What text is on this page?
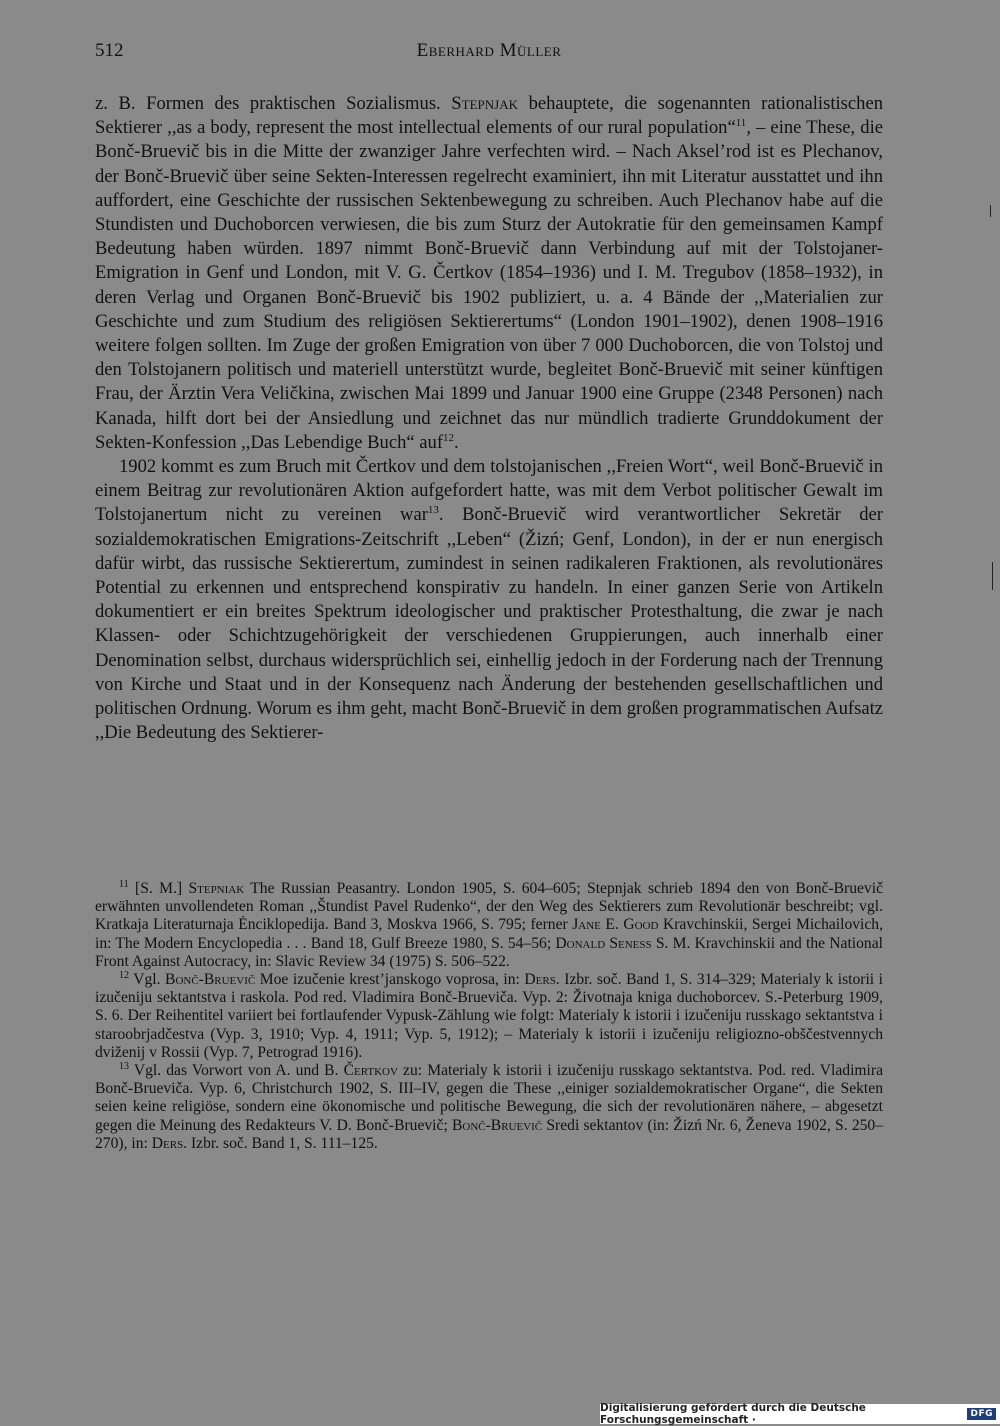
512	Eberhard Müller

z. B. Formen des praktischen Sozialismus. Stepnjak behauptete, die sogenannten rationalistischen Sektierer ,,as a body, represent the most intellectual elements of our rural population“$^{11}$, – eine These, die Bonč-Bruevič bis in die Mitte der zwanziger Jahre verfechten wird. – Nach Aksel’rod ist es Plechanov, der Bonč-Bruevič über seine Sekten-Interessen regelrecht examiniert, ihn mit Literatur ausstattet und ihn auffordert, eine Geschichte der russischen Sektenbewegung zu schreiben. Auch Plechanov habe auf die Stundisten und Duchoborcen verwiesen, die bis zum Sturz der Autokratie für den gemeinsamen Kampf Bedeutung haben würden. 1897 nimmt Bonč-Bruevič dann Verbindung auf mit der Tolstojaner-Emigration in Genf und London, mit V. G. Čertkov (1854–1936) und I. M. Tregubov (1858–1932), in deren Verlag und Organen Bonč-Bruevič bis 1902 publiziert, u. a. 4 Bände der ,,Materialien zur Geschichte und zum Studium des religiösen Sektierertums“ (London 1901–1902), denen 1908–1916 weitere folgen sollten. Im Zuge der großen Emigration von über 7 000 Duchoborcen, die von Tolstoj und den Tolstojanern politisch und materiell unterstützt wurde, begleitet Bonč-Bruevič mit seiner künftigen Frau, der Ärztin Vera Veličkina, zwischen Mai 1899 und Januar 1900 eine Gruppe (2348 Personen) nach Kanada, hilft dort bei der Ansiedlung und zeichnet das nur mündlich tradierte Grunddokument der Sekten-Konfession ,,Das Lebendige Buch“ auf$^{12}$.

1902 kommt es zum Bruch mit Čertkov und dem tolstojanischen ,,Freien Wort“, weil Bonč-Bruevič in einem Beitrag zur revolutionären Aktion aufgefordert hatte, was mit dem Verbot politischer Gewalt im Tolstojanertum nicht zu vereinen war$^{13}$. Bonč-Bruevič wird verantwortlicher Sekretär der sozialdemokratischen Emigrations-Zeitschrift ,,Leben“ (Žizń; Genf, London), in der er nun energisch dafür wirbt, das russische Sektierertum, zumindest in seinen radikaleren Fraktionen, als revolutionäres Potential zu erkennen und entsprechend konspirativ zu handeln. In einer ganzen Serie von Artikeln dokumentiert er ein breites Spektrum ideologischer und praktischer Protesthaltung, die zwar je nach Klassen- oder Schichtzugehörigkeit der verschiedenen Gruppierungen, auch innerhalb einer Denomination selbst, durchaus widersprüchlich sei, einhellig jedoch in der Forderung nach der Trennung von Kirche und Staat und in der Konsequenz nach Änderung der bestehenden gesellschaftlichen und politischen Ordnung. Worum es ihm geht, macht Bonč-Bruevič in dem großen programmatischen Aufsatz ,,Die Bedeutung des Sektierer-

$^{11}$ [S. M.] Stepniak The Russian Peasantry. London 1905, S. 604–605; Stepnjak schrieb 1894 den von Bonč-Bruevič erwähnten unvollendeten Roman ,,Štundist Pavel Rudenko“, der den Weg des Sektierers zum Revolutionär beschreibt; vgl. Kratkaja Literaturnaja Ėnciklopedija. Band 3, Moskva 1966, S. 795; ferner Jane E. Good Kravchinskii, Sergei Michailovich, in: The Modern Encyclopedia . . . Band 18, Gulf Breeze 1980, S. 54–56; Donald Seness S. M. Kravchinskii and the National Front Against Autocracy, in: Slavic Review 34 (1975) S. 506–522.

$^{12}$ Vgl. Bonč-Bruevič Moe izučenie krest’janskogo voprosa, in: Ders. Izbr. soč. Band 1, S. 314–329; Materialy k istorii i izučeniju sektantstva i raskola. Pod red. Vladimira Bonč-Brueviča. Vyp. 2: Životnaja kniga duchoborcev. S.-Peterburg 1909, S. 6. Der Reihentitel variiert bei fortlaufender Vypusk-Zählung wie folgt: Materialy k istorii i izučeniju russkago sektantstva i staroobrjadčestva (Vyp. 3, 1910; Vyp. 4, 1911; Vyp. 5, 1912); – Materialy k istorii i izučeniju religiozno-obščestvennych dviženij v Rossii (Vyp. 7, Petrograd 1916).

$^{13}$ Vgl. das Vorwort von A. und B. Čertkov zu: Materialy k istorii i izučeniju russkago sektantstva. Pod. red. Vladimira Bonč-Brueviča. Vyp. 6, Christchurch 1902, S. III–IV, gegen die These ,,einiger sozialdemokratischer Organe“, die Sekten seien keine religiöse, sondern eine ökonomische und politische Bewegung, die sich der revolutionären nähere, – abgesetzt gegen die Meinung des Redakteurs V. D. Bonč-Bruevič; Bonč-Bruevič Sredi sektantov (in: Žizń Nr. 6, Ženeva 1902, S. 250–270), in: Ders. Izbr. soč. Band 1, S. 111–125.

Digitalisierung gefördert durch die Deutsche Forschungsgemeinschaft ·	DFG
